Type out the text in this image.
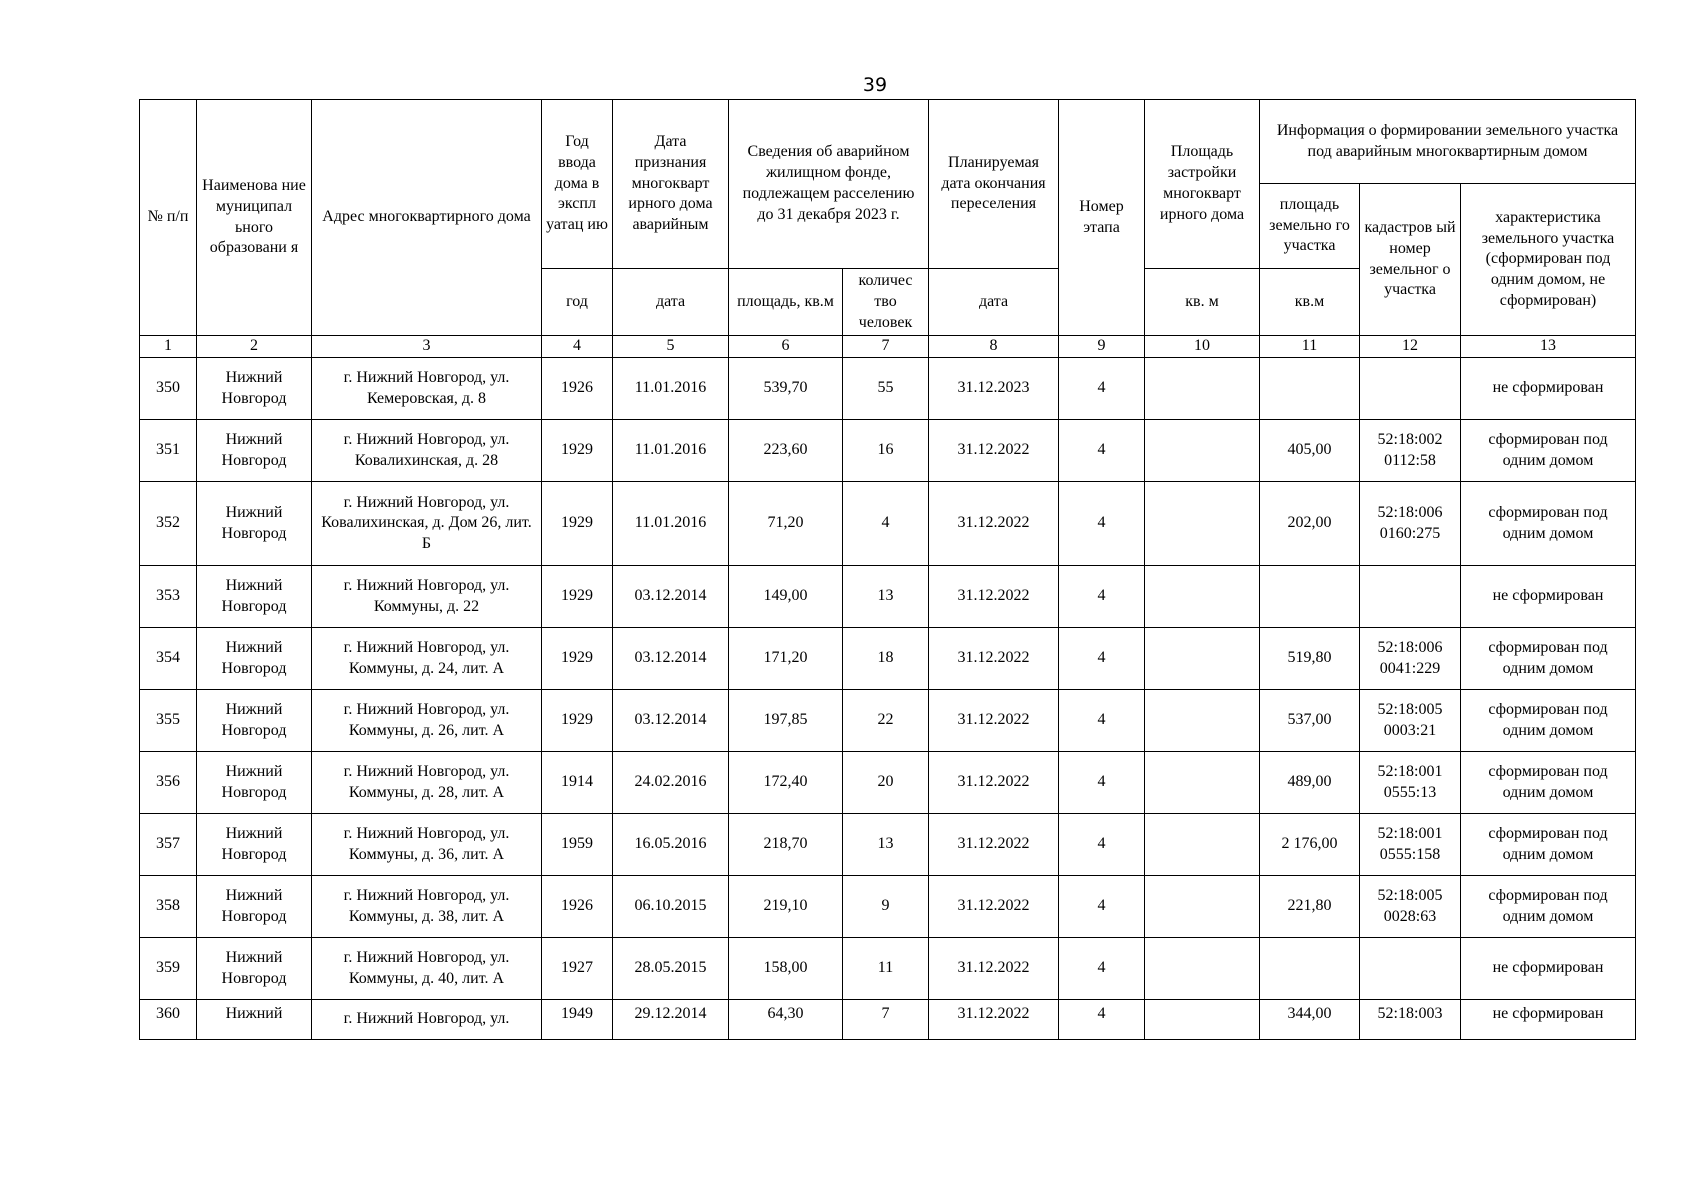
39
№ п/п	Наименова ние муниципал ьного образовани я	Адрес многоквартирного дома	Год ввода дома в экспл уатац ию	Дата признания многокварт ирного дома аварийным	Сведения об аварийном жилищном фонде, подлежащем расселению до 31 декабря 2023 г.		Планируемая дата окончания переселения	Номер этапа	Площадь застройки многокварт ирного дома	Информация о формировании земельного участка под аварийным многоквартирным домом		
										площадь земельно го участка	кадастров ый номер земельног о участка	характеристика земельного участка (сформирован под одним домом, не сформирован)
			год	дата	площадь, кв.м	количес тво человек	дата		кв. м	кв.м		
1	2	3	4	5	6	7	8	9	10	11	12	13
350	Нижний Новгород	г. Нижний Новгород, ул. Кемеровская, д. 8	1926	11.01.2016	539,70	55	31.12.2023	4				не сформирован
351	Нижний Новгород	г. Нижний Новгород, ул. Ковалихинская, д. 28	1929	11.01.2016	223,60	16	31.12.2022	4		405,00	52:18:002 0112:58	сформирован под одним домом
352	Нижний Новгород	г. Нижний Новгород, ул. Ковалихинская, д. Дом 26, лит. Б	1929	11.01.2016	71,20	4	31.12.2022	4		202,00	52:18:006 0160:275	сформирован под одним домом
353	Нижний Новгород	г. Нижний Новгород, ул. Коммуны, д. 22	1929	03.12.2014	149,00	13	31.12.2022	4				не сформирован
354	Нижний Новгород	г. Нижний Новгород, ул. Коммуны, д. 24, лит. А	1929	03.12.2014	171,20	18	31.12.2022	4		519,80	52:18:006 0041:229	сформирован под одним домом
355	Нижний Новгород	г. Нижний Новгород, ул. Коммуны, д. 26, лит. А	1929	03.12.2014	197,85	22	31.12.2022	4		537,00	52:18:005 0003:21	сформирован под одним домом
356	Нижний Новгород	г. Нижний Новгород, ул. Коммуны, д. 28, лит. А	1914	24.02.2016	172,40	20	31.12.2022	4		489,00	52:18:001 0555:13	сформирован под одним домом
357	Нижний Новгород	г. Нижний Новгород, ул. Коммуны, д. 36, лит. А	1959	16.05.2016	218,70	13	31.12.2022	4		2 176,00	52:18:001 0555:158	сформирован под одним домом
358	Нижний Новгород	г. Нижний Новгород, ул. Коммуны, д. 38, лит. А	1926	06.10.2015	219,10	9	31.12.2022	4		221,80	52:18:005 0028:63	сформирован под одним домом
359	Нижний Новгород	г. Нижний Новгород, ул. Коммуны, д. 40, лит. А	1927	28.05.2015	158,00	11	31.12.2022	4				не сформирован
360	Нижний	г. Нижний Новгород, ул.	1949	29.12.2014	64,30	7	31.12.2022	4		344,00	52:18:003	не сформирован
